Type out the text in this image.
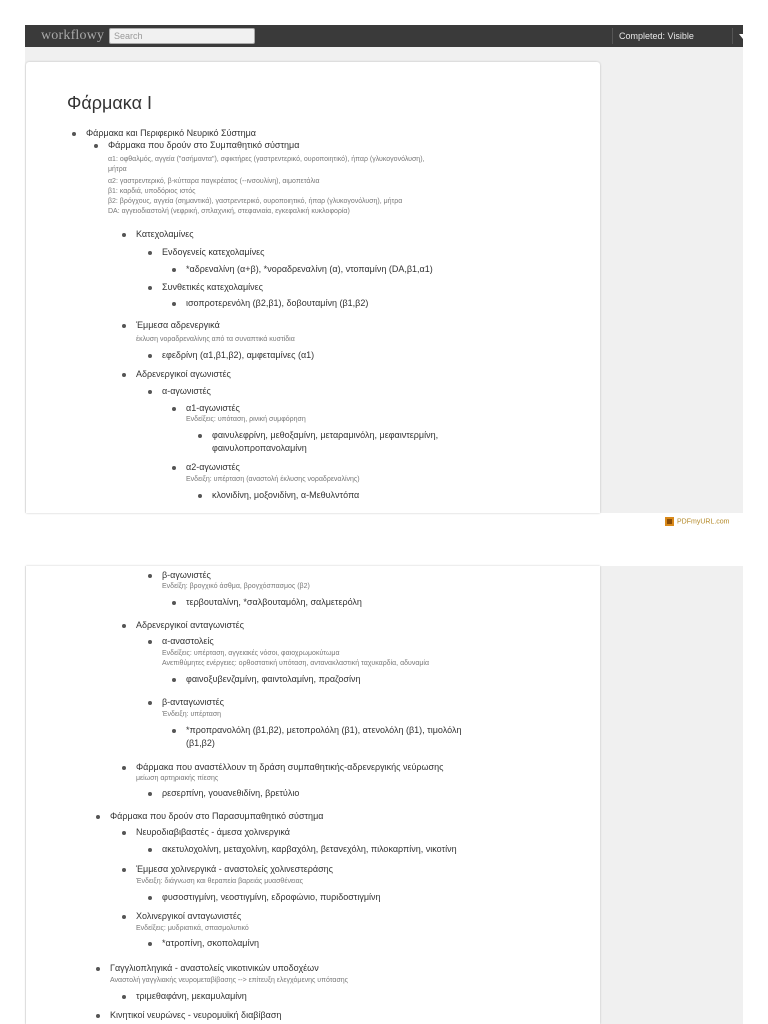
workflowy	Search	Completed: Visible
PDFmyURL.com
Φάρμακα Ι
Φάρμακα και Περιφερικό Νευρικό Σύστημα
Φάρμακα που δρούν στο Συμπαθητικό σύστημα
α1: οφθαλμός, αγγεία ("ασήμαντα"), σφικτήρες (γαστρεντερικό, ουροποιητικό), ήπαρ (γλυκογονόλυση),
μήτρα
α2: γαστρεντερικό, β-κύτταρα παγκρέατος (--ινσουλίνη), αιμοπετάλια
β1: καρδιά, υποδόριος ιστός
β2: βρόγχους, αγγεία (σημαντικά), γαστρεντερικό, ουροποιητικό, ήπαρ (γλυκογονόλυση), μήτρα
DA: αγγειοδιαστολή (νεφρική, σπλαχνική, στεφανιαία, εγκεφαλική κυκλοφορία)
Κατεχολαμίνες
Ενδογενείς κατεχολαμίνες
*αδρεναλίνη (α+β), *νοραδρεναλίνη (α), ντοπαμίνη (DA,β1,α1)
Συνθετικές κατεχολαμίνες
ισοπροτερενόλη (β2,β1), δοβουταμίνη (β1,β2)
Έμμεσα αδρενεργικά
έκλυση νοραδρεναλίνης από τα συναπτικά κυστίδια
εφεδρίνη (α1,β1,β2), αμφεταμίνες (α1)
Αδρενεργικοί αγωνιστές
α-αγωνιστές
α1-αγωνιστές
Ενδείξεις: υπόταση, ρινική συμφόρηση
φαινυλεφρίνη, μεθοξαμίνη, μεταραμινόλη, μεφαιντερμίνη,
φαινυλοπροπανολαμίνη
α2-αγωνιστές
Ενδειξη: υπέρταση (αναστολή έκλυσης νοραδρεναλίνης)
κλονιδίνη, μοξονιδίνη, α-Μεθυλντόπα
β-αγωνιστές
Ενδείξη: βρογχικό άσθμα, βρογχόσπασμος (β2)
τερβουταλίνη, *σαλβουταμόλη, σαλμετερόλη
Αδρενεργικοί ανταγωνιστές
α-αναστολείς
Ενδείξεις: υπέρταση, αγγειακές νόσοι, φαιοχρωμοκύτωμα
Ανεπιθύμητες ενέργειες: ορθοστατική υπόταση, αντανακλαστική ταχυκαρδία, αδυναμία
φαινοξυβενζαμίνη, φαιντολαμίνη, πραζοσίνη
β-ανταγωνιστές
Ένδειξη: υπέρταση
*προπρανολόλη (β1,β2), μετοπρολόλη (β1), ατενολόλη (β1), τιμολόλη
(β1,β2)
Φάρμακα που αναστέλλουν τη δράση συμπαθητικής-αδρενεργικής νεύρωσης
μείωση αρτηριακής πίεσης
ρεσερπίνη, γουανεθιδίνη, βρετύλιο
Φάρμακα που δρούν στο Παρασυμπαθητικό σύστημα
Νευροδιαβιβαστές - άμεσα χολινεργικά
ακετυλοχολίνη, μεταχολίνη, καρβαχόλη, βετανεχόλη, πιλοκαρπίνη, νικοτίνη
Έμμεσα χολινεργικά - αναστολείς χολινεστεράσης
Ένδειξη: διάγνωση και θεραπεία βαρειάς μυασθένειας
φυσοστιγμίνη, νεοστιγμίνη, εδροφώνιο, πυριδοστιγμίνη
Χολινεργικοί ανταγωνιστές
Ενδείξεις: μυδριατικά, σπασμολυτικό
*ατροπίνη, σκοπολαμίνη
Γαγγλιοπληγικά - αναστολείς νικοτινικών υποδοχέων
Αναστολή γαγγλιακής νευρομεταβίβασης --> επίτευξη ελεγχόμενης υπότασης
τριμεθαφάνη, μεκαμυλαμίνη
Κινητικοί νευρώνες - νευρομυϊκή διαβίβαση
